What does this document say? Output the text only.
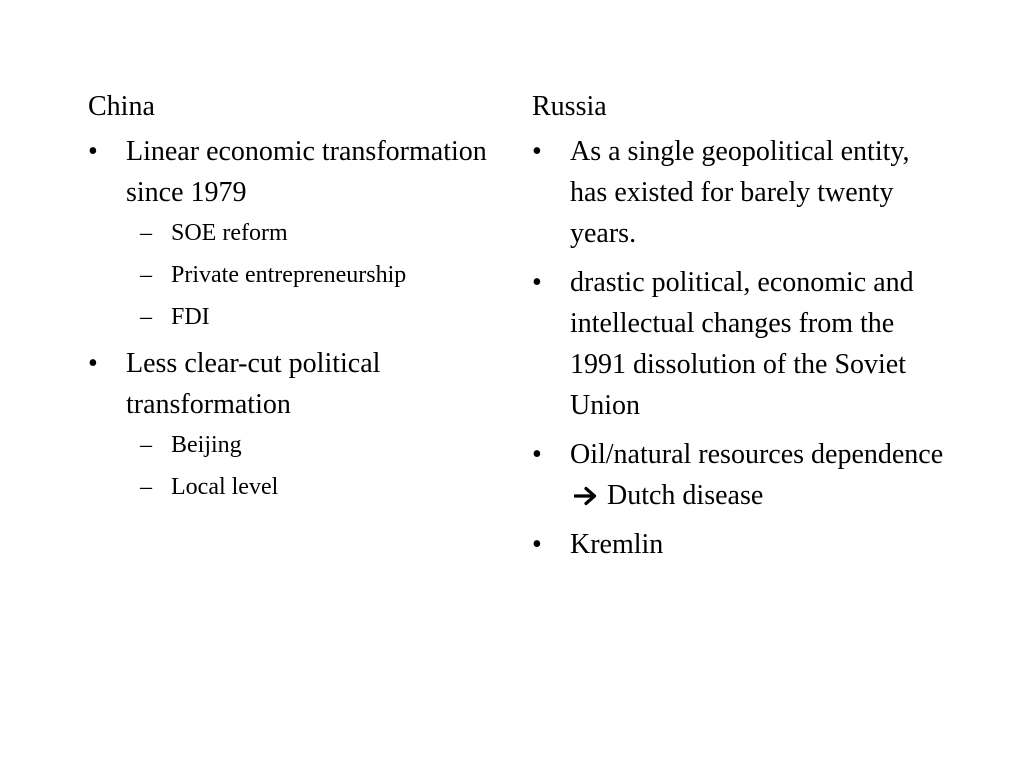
China
• Linear economic transformation since 1979
– SOE reform
– Private entrepreneurship
– FDI
• Less clear-cut political transformation
– Beijing
– Local level
Russia
• As a single geopolitical entity, has existed for barely twenty years.
• drastic political, economic and intellectual changes from the 1991 dissolution of the Soviet Union
• Oil/natural resources dependence  Dutch disease
• Kremlin
